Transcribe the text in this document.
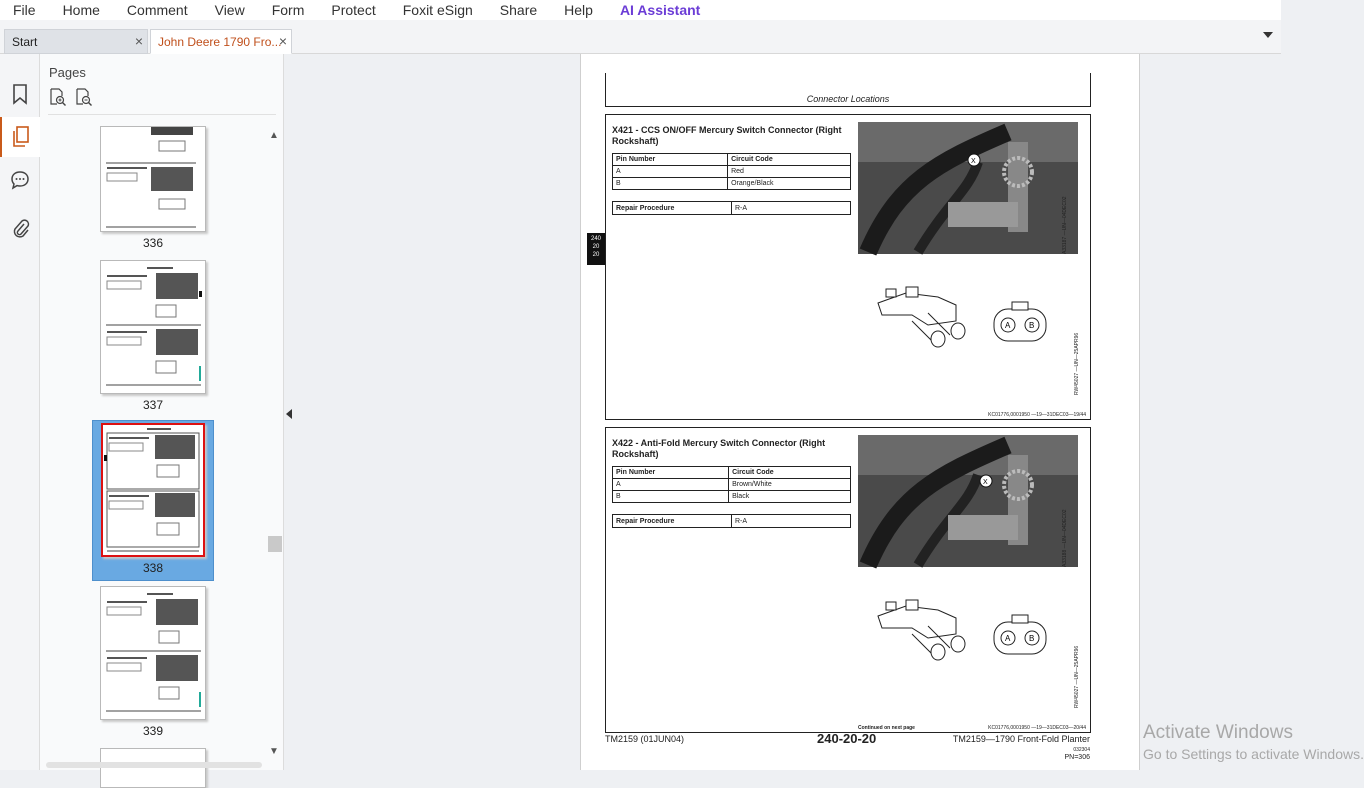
File	Home	Comment	View	Form	Protect	Foxit eSign	Share	Help	AI Assistant
Start	× John Deere 1790 Fro...
×
Pages
336
337
338
339
▲
▼
Connector Locations
240
20
20
X421 - CCS ON/OFF Mercury Switch Connector (Right Rockshaft)
Pin Number	Circuit Code
A	Red
B	Orange/Black
Repair Procedure	R-A
X
A33187 —UN—04DEC02
A B
RW45027 —UN—25APR96
KC01776,0001950 —19—31DEC03—19/44
X422 - Anti-Fold Mercury Switch Connector (Right Rockshaft)
Pin Number	Circuit Code
A	Brown/White
B	Black
Repair Procedure	R-A
X
A33188 —UN—04DEC02
A B
RW45027 —UN—25APR96
Continued on next page	KC01776,0001950 —19—31DEC03—20/44
TM2159 (01JUN04)	240-20-20	TM2159—1790 Front-Fold Planter
032304
PN=306
Activate Windows
Go to Settings to activate Windows.
